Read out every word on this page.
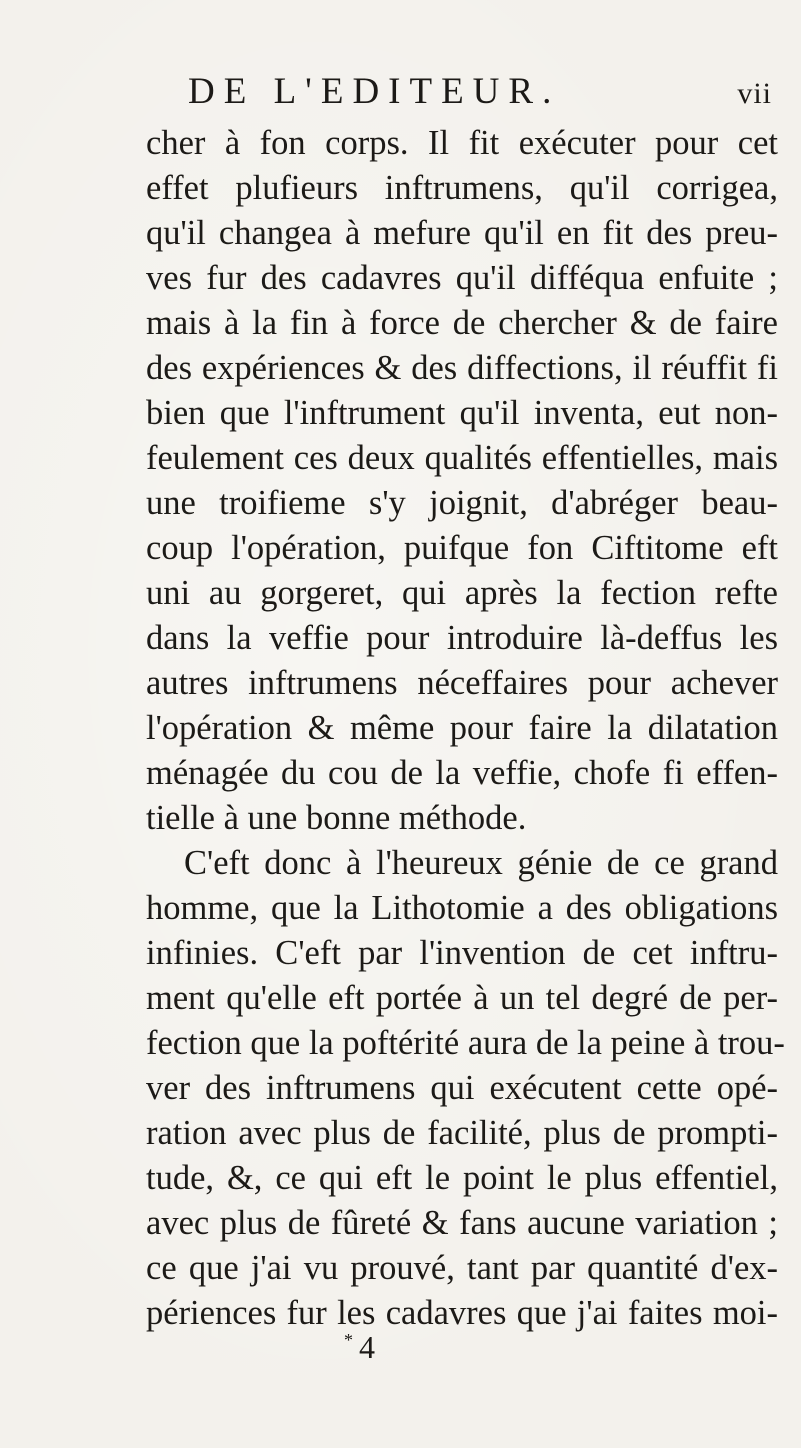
DE L'EDITEUR.	vii
cher à fon corps. Il fit exécuter pour cet
effet plufieurs inftrumens, qu'il corrigea,
qu'il changea à mefure qu'il en fit des preu-
ves fur des cadavres qu'il difféqua enfuite ;
mais à la fin à force de chercher & de faire
des expériences & des diffections, il réuffit fi
bien que l'inftrument qu'il inventa, eut non-
feulement ces deux qualités effentielles, mais
une troifieme s'y joignit, d'abréger beau-
coup l'opération, puifque fon Ciftitome eft
uni au gorgeret, qui après la fection refte
dans la veffie pour introduire là-deffus les
autres inftrumens néceffaires pour achever
l'opération & même pour faire la dilatation
ménagée du cou de la veffie, chofe fi effen-
tielle à une bonne méthode.
C'eft donc à l'heureux génie de ce grand
homme, que la Lithotomie a des obligations
infinies. C'eft par l'invention de cet inftru-
ment qu'elle eft portée à un tel degré de per-
fection que la poftérité aura de la peine à trou-
ver des inftrumens qui exécutent cette opé-
ration avec plus de facilité, plus de prompti-
tude, &, ce qui eft le point le plus effentiel,
avec plus de fûreté & fans aucune variation ;
ce que j'ai vu prouvé, tant par quantité d'ex-
périences fur les cadavres que j'ai faites moi-
* 4
